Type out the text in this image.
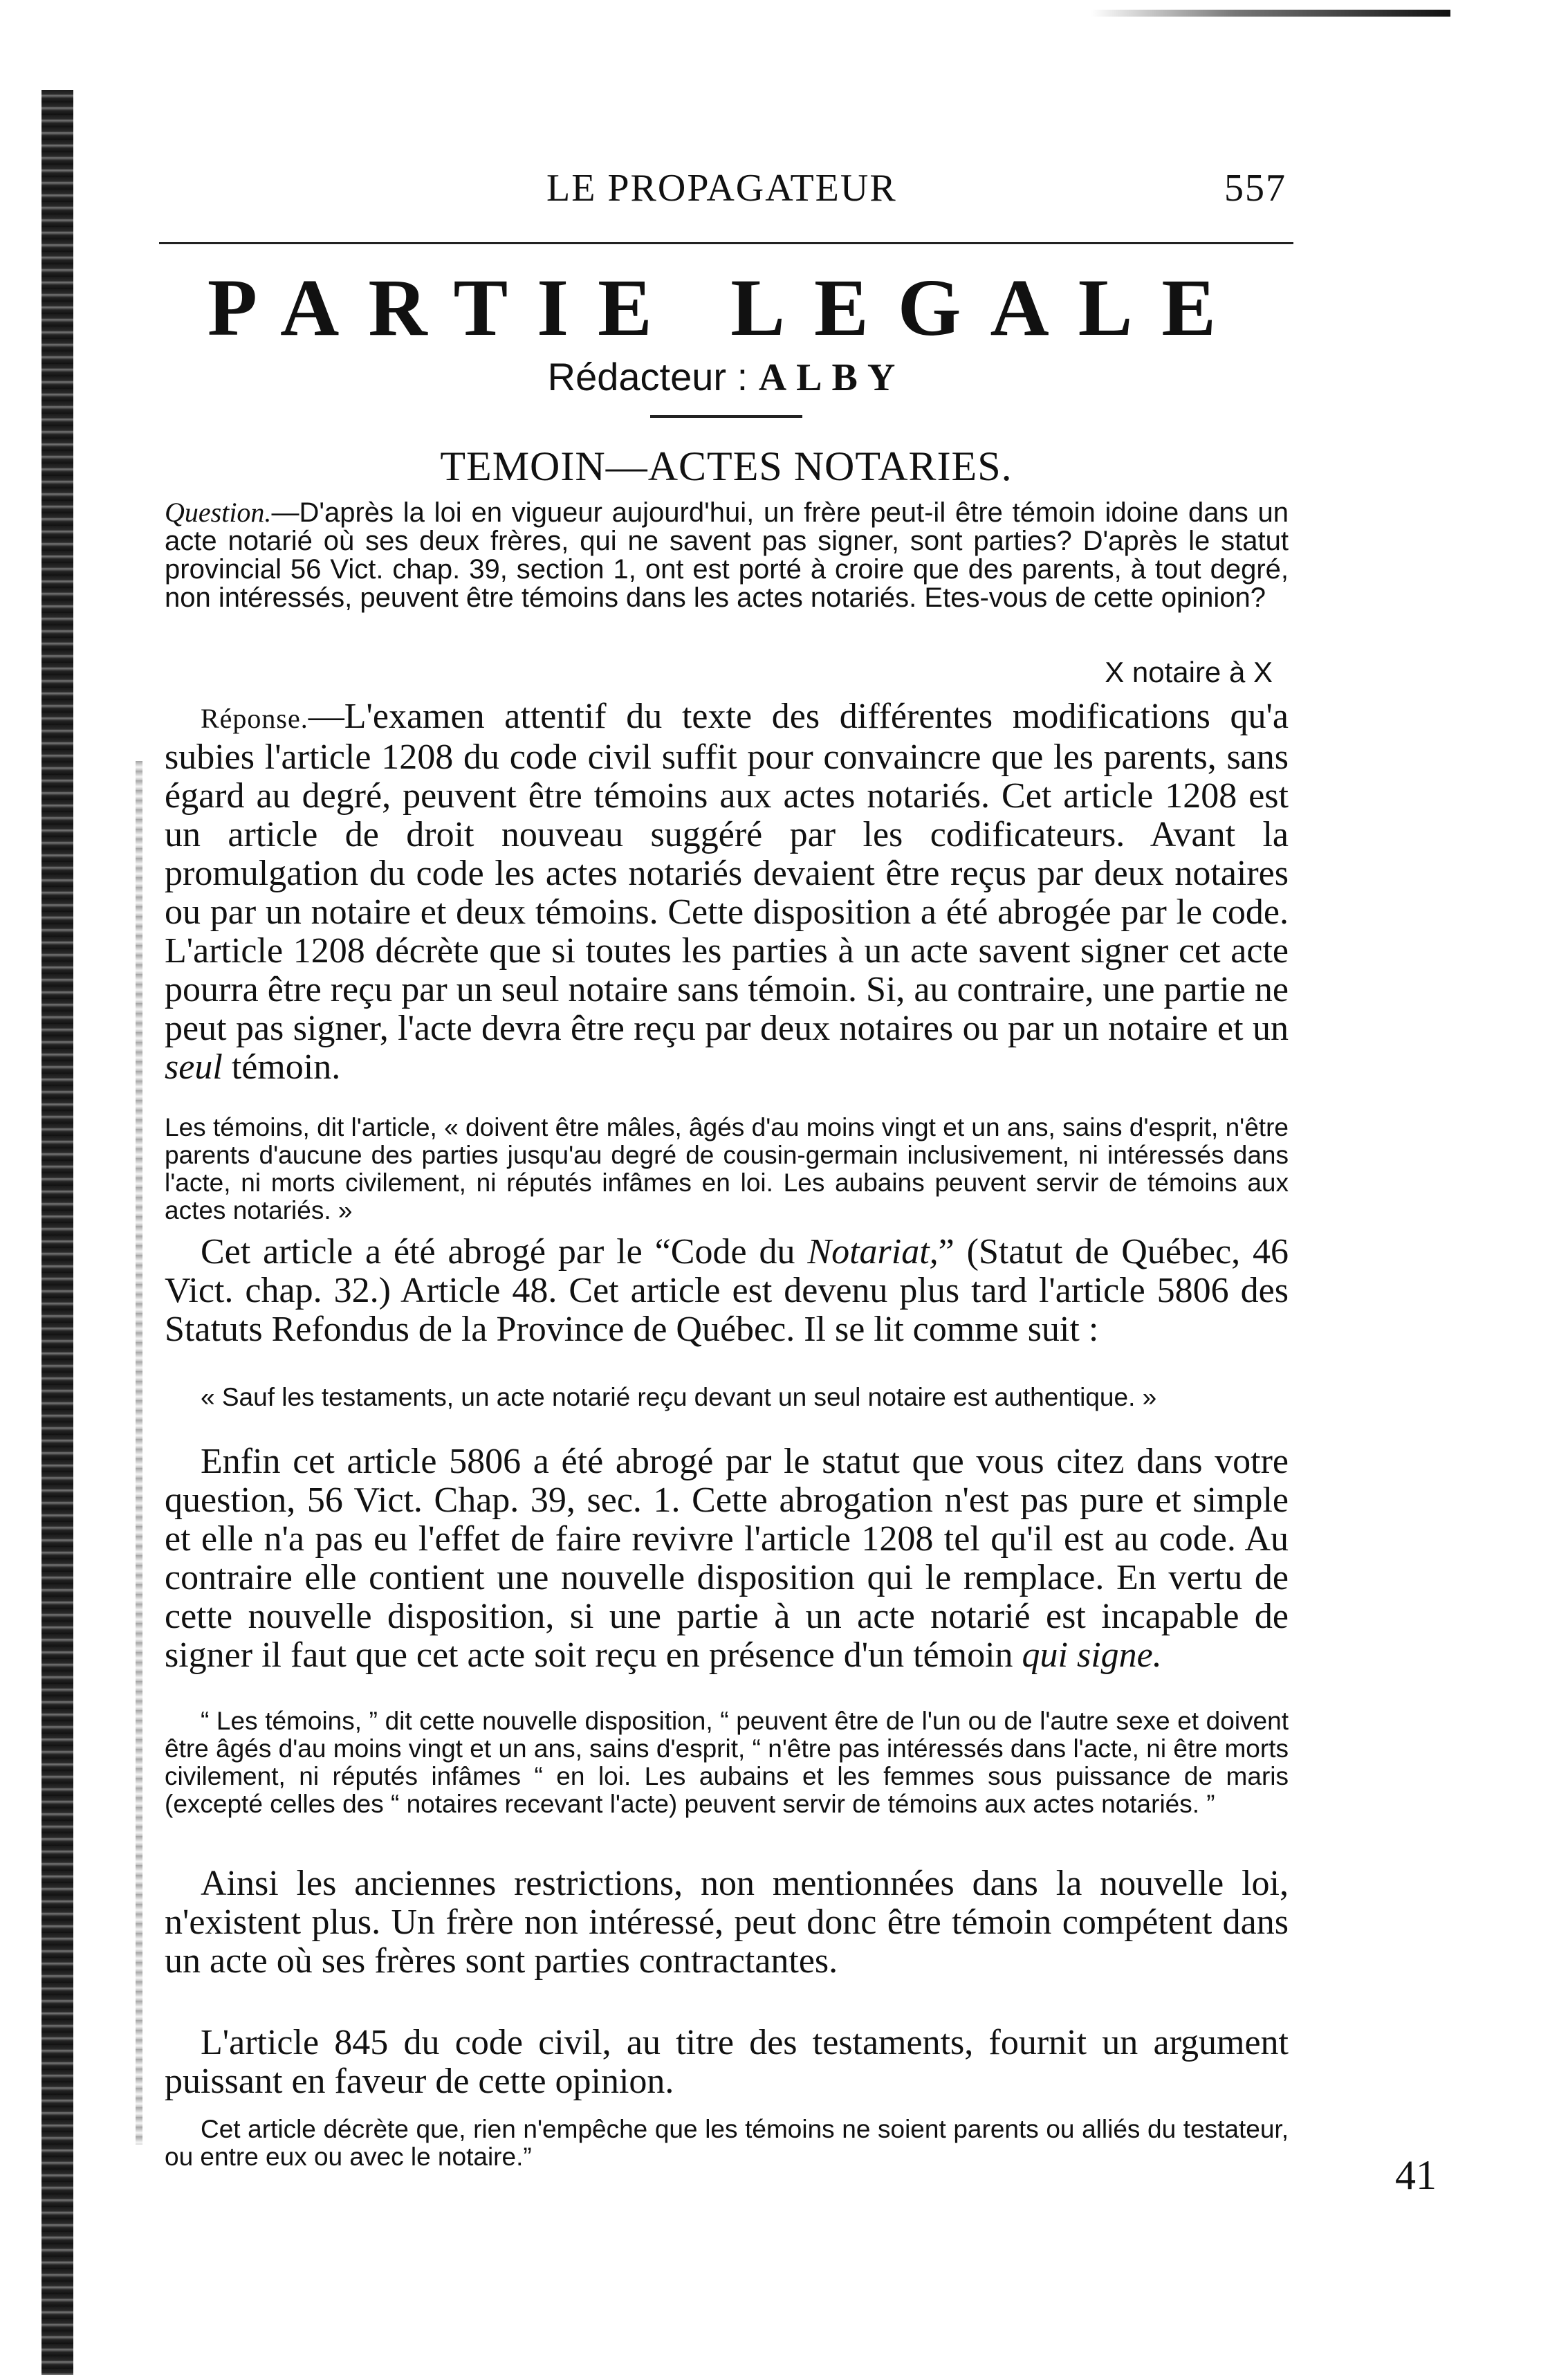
LE PROPAGATEUR	557
PARTIE LEGALE
Rédacteur : ALBY
TEMOIN—ACTES NOTARIES.
Question.—D'après la loi en vigueur aujourd'hui, un frère peut-il être témoin idoine dans un acte notarié où ses deux frères, qui ne savent pas signer, sont parties? D'après le statut provincial 56 Vict. chap. 39, section 1, ont est porté à croire que des parents, à tout degré, non intéressés, peuvent être témoins dans les actes notariés. Etes-vous de cette opinion?
X notaire à X
Réponse.—L'examen attentif du texte des différentes modifications qu'a subies l'article 1208 du code civil suffit pour convaincre que les parents, sans égard au degré, peuvent être témoins aux actes notariés. Cet article 1208 est un article de droit nouveau suggéré par les codificateurs. Avant la promulgation du code les actes notariés devaient être reçus par deux notaires ou par un notaire et deux témoins. Cette disposition a été abrogée par le code. L'article 1208 décrète que si toutes les parties à un acte savent signer cet acte pourra être reçu par un seul notaire sans témoin. Si, au contraire, une partie ne peut pas signer, l'acte devra être reçu par deux notaires ou par un notaire et un seul témoin.
Les témoins, dit l'article, « doivent être mâles, âgés d'au moins vingt et un ans, sains d'esprit, n'être parents d'aucune des parties jusqu'au degré de cousin-germain inclusivement, ni intéressés dans l'acte, ni morts civilement, ni réputés infâmes en loi. Les aubains peuvent servir de témoins aux actes notariés. »
Cet article a été abrogé par le “Code du Notariat,” (Statut de Québec, 46 Vict. chap. 32.) Article 48. Cet article est devenu plus tard l'article 5806 des Statuts Refondus de la Province de Québec. Il se lit comme suit :
« Sauf les testaments, un acte notarié reçu devant un seul notaire est authentique. »
Enfin cet article 5806 a été abrogé par le statut que vous citez dans votre question, 56 Vict. Chap. 39, sec. 1. Cette abrogation n'est pas pure et simple et elle n'a pas eu l'effet de faire revivre l'article 1208 tel qu'il est au code. Au contraire elle contient une nouvelle disposition qui le remplace. En vertu de cette nouvelle disposition, si une partie à un acte notarié est incapable de signer il faut que cet acte soit reçu en présence d'un témoin qui signe.
“ Les témoins, ” dit cette nouvelle disposition, “ peuvent être de l'un ou de l'autre sexe et doivent être âgés d'au moins vingt et un ans, sains d'esprit, “ n'être pas intéressés dans l'acte, ni être morts civilement, ni réputés infâmes “ en loi. Les aubains et les femmes sous puissance de maris (excepté celles des “ notaires recevant l'acte) peuvent servir de témoins aux actes notariés. ”
Ainsi les anciennes restrictions, non mentionnées dans la nouvelle loi, n'existent plus. Un frère non intéressé, peut donc être témoin compétent dans un acte où ses frères sont parties contractantes.
L'article 845 du code civil, au titre des testaments, fournit un argument puissant en faveur de cette opinion.
Cet article décrète que, rien n'empêche que les témoins ne soient parents ou alliés du testateur, ou entre eux ou avec le notaire.”	41
